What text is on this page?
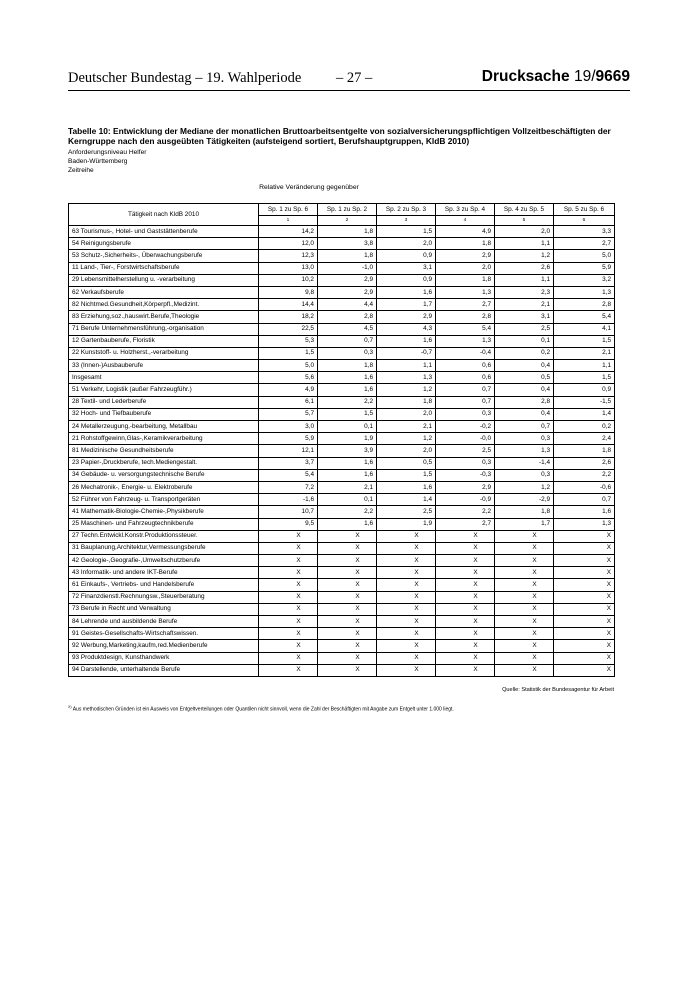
Deutscher Bundestag – 19. Wahlperiode – 27 –	Drucksache 19/9669
Tabelle 10: Entwicklung der Mediane der monatlichen Bruttoarbeitsentgelte von sozialversicherungspflichtigen Vollzeitbeschäftigten der Kerngruppe nach den ausgeübten Tätigkeiten (aufsteigend sortiert, Berufshauptgruppen, KldB 2010)
Anforderungsniveau Helfer
Baden-Württemberg
Zeitreihe
Relative Veränderung gegenüber
Tätigkeit nach KldB 2010	Sp. 1 zu Sp. 6	Sp. 1 zu Sp. 2	Sp. 2 zu Sp. 3	Sp. 3 zu Sp. 4	Sp. 4 zu Sp. 5	Sp. 5 zu Sp. 6
	1	2	3	4	5	6
63 Tourismus-, Hotel- und Gaststättenberufe	14,2	1,8	1,5	4,9	2,0	3,3
54 Reinigungsberufe	12,0	3,8	2,0	1,8	1,1	2,7
53 Schutz-,Sicherheits-, Überwachungsberufe	12,3	1,8	0,9	2,9	1,2	5,0
11 Land-, Tier-, Forstwirtschaftsberufe	13,0	-1,0	3,1	2,0	2,6	5,9
29 Lebensmittelherstellung u. -verarbeitung	10,2	2,9	0,9	1,8	1,1	3,2
62 Verkaufsberufe	9,8	2,9	1,6	1,3	2,3	1,3
82 Nichtmed.Gesundheit,Körperpfl.,Medizint.	14,4	4,4	1,7	2,7	2,1	2,8
83 Erziehung,soz.,hauswirt.Berufe,Theologie	18,2	2,8	2,9	2,8	3,1	5,4
71 Berufe Unternehmensführung,-organisation	22,5	4,5	4,3	5,4	2,5	4,1
12 Gartenbauberufe, Floristik	5,3	0,7	1,6	1,3	0,1	1,5
22 Kunststoff- u. Holzherst.,-verarbeitung	1,5	0,3	-0,7	-0,4	0,2	2,1
33 (Innen-)Ausbauberufe	5,0	1,8	1,1	0,6	0,4	1,1
Insgesamt	5,6	1,6	1,3	0,6	0,5	1,5
51 Verkehr, Logistik (außer Fahrzeugführ.)	4,9	1,6	1,2	0,7	0,4	0,9
28 Textil- und Lederberufe	6,1	2,2	1,8	0,7	2,8	-1,5
32 Hoch- und Tiefbauberufe	5,7	1,5	2,0	0,3	0,4	1,4
24 Metallerzeugung,-bearbeitung, Metallbau	3,0	0,1	2,1	-0,2	0,7	0,2
21 Rohstoffgewinn,Glas-,Keramikverarbeitung	5,9	1,9	1,2	-0,0	0,3	2,4
81 Medizinische Gesundheitsberufe	12,1	3,9	2,0	2,5	1,3	1,8
23 Papier-,Druckberufe, tech.Mediengestalt.	3,7	1,6	0,5	0,3	-1,4	2,6
34 Gebäude- u. versorgungstechnische Berufe	5,4	1,6	1,5	-0,3	0,3	2,2
26 Mechatronik-, Energie- u. Elektroberufe	7,2	2,1	1,6	2,9	1,2	-0,6
52 Führer von Fahrzeug- u. Transportgeräten	-1,6	0,1	1,4	-0,9	-2,9	0,7
41 Mathematik-Biologie-Chemie-,Physikberufe	10,7	2,2	2,5	2,2	1,8	1,6
25 Maschinen- und Fahrzeugtechnikberufe	9,5	1,6	1,9	2,7	1,7	1,3
27 Techn.Entwickl.Konstr.Produktionssteuer.	X	X	X	X	X	X
31 Bauplanung,Architektur,Vermessungsberufe	X	X	X	X	X	X
42 Geologie-,Geografie-,Umweltschutzberufe	X	X	X	X	X	X
43 Informatik- und andere IKT-Berufe	X	X	X	X	X	X
61 Einkaufs-, Vertriebs- und Handelsberufe	X	X	X	X	X	X
72 Finanzdienstl.Rechnungsw.,Steuerberatung	X	X	X	X	X	X
73 Berufe in Recht und Verwaltung	X	X	X	X	X	X
84 Lehrende und ausbildende Berufe	X	X	X	X	X	X
91 Geistes-Gesellschafts-Wirtschaftswissen.	X	X	X	X	X	X
92 Werbung,Marketing,kaufm,red.Medienberufe	X	X	X	X	X	X
93 Produktdesign, Kunsthandwerk	X	X	X	X	X	X
94 Darstellende, unterhaltende Berufe	X	X	X	X	X	X
Quelle: Statistik der Bundesagentur für Arbeit
$^{X)}$ Aus methodischen Gründen ist ein Ausweis von Entgeltverteilungen oder Quantilen nicht sinnvoll, wenn die Zahl der Beschäftigten mit Angabe zum Entgelt unter 1.000 liegt.
